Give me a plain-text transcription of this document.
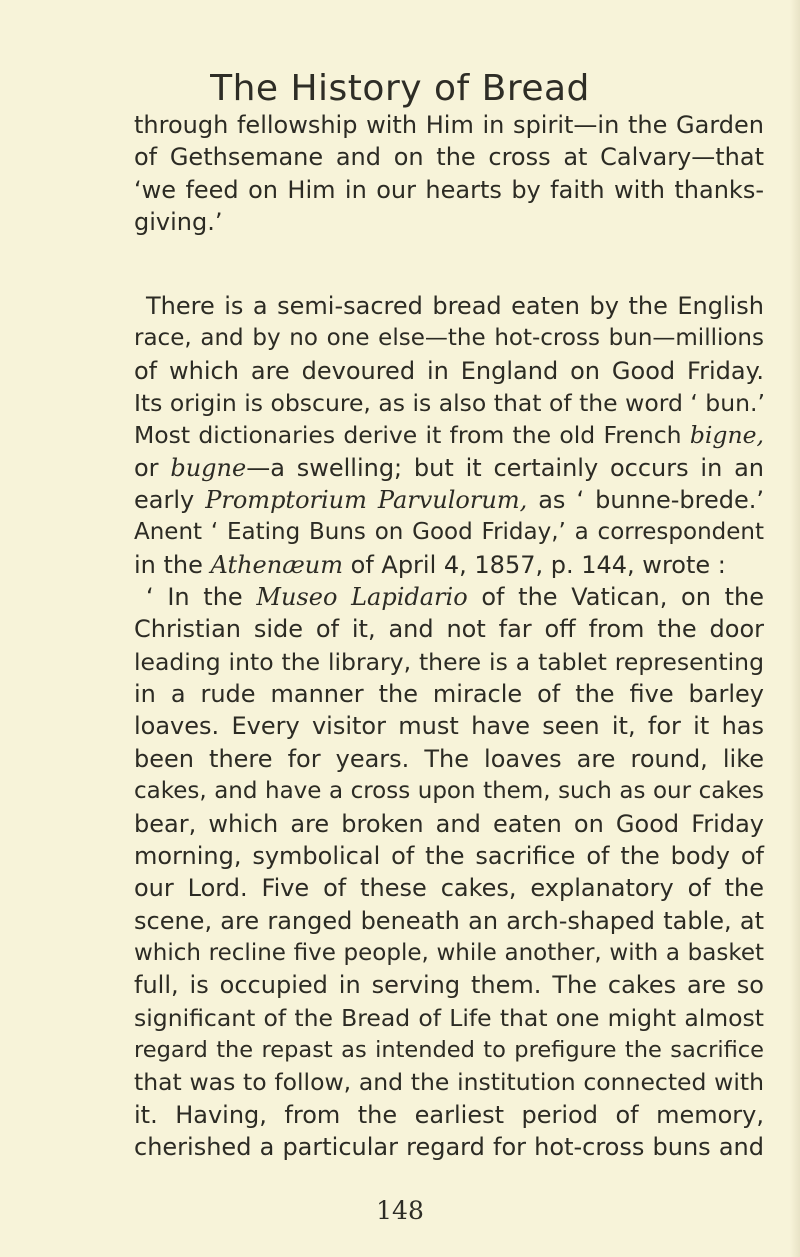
The History of Bread
through fellowship with Him in spirit—in the Garden
of Gethsemane and on the cross at Calvary—that
‘we feed on Him in our hearts by faith with thanks-
giving.’
There is a semi-sacred bread eaten by the English
race, and by no one else—the hot-cross bun—millions
of which are devoured in England on Good Friday.
Its origin is obscure, as is also that of the word ‘ bun.’
Most dictionaries derive it from the old French bigne,
or bugne—a swelling; but it certainly occurs in an
early Promptorium Parvulorum, as ‘ bunne-brede.’
Anent ‘ Eating Buns on Good Friday,’ a correspondent
in the Athenæum of April 4, 1857, p. 144, wrote :
‘ In the Museo Lapidario of the Vatican, on the
Christian side of it, and not far off from the door
leading into the library, there is a tablet representing
in a rude manner the miracle of the five barley
loaves. Every visitor must have seen it, for it has
been there for years. The loaves are round, like
cakes, and have a cross upon them, such as our cakes
bear, which are broken and eaten on Good Friday
morning, symbolical of the sacrifice of the body of
our Lord. Five of these cakes, explanatory of the
scene, are ranged beneath an arch-shaped table, at
which recline five people, while another, with a basket
full, is occupied in serving them. The cakes are so
significant of the Bread of Life that one might almost
regard the repast as intended to prefigure the sacrifice
that was to follow, and the institution connected with
it. Having, from the earliest period of memory,
cherished a particular regard for hot-cross buns and
148
